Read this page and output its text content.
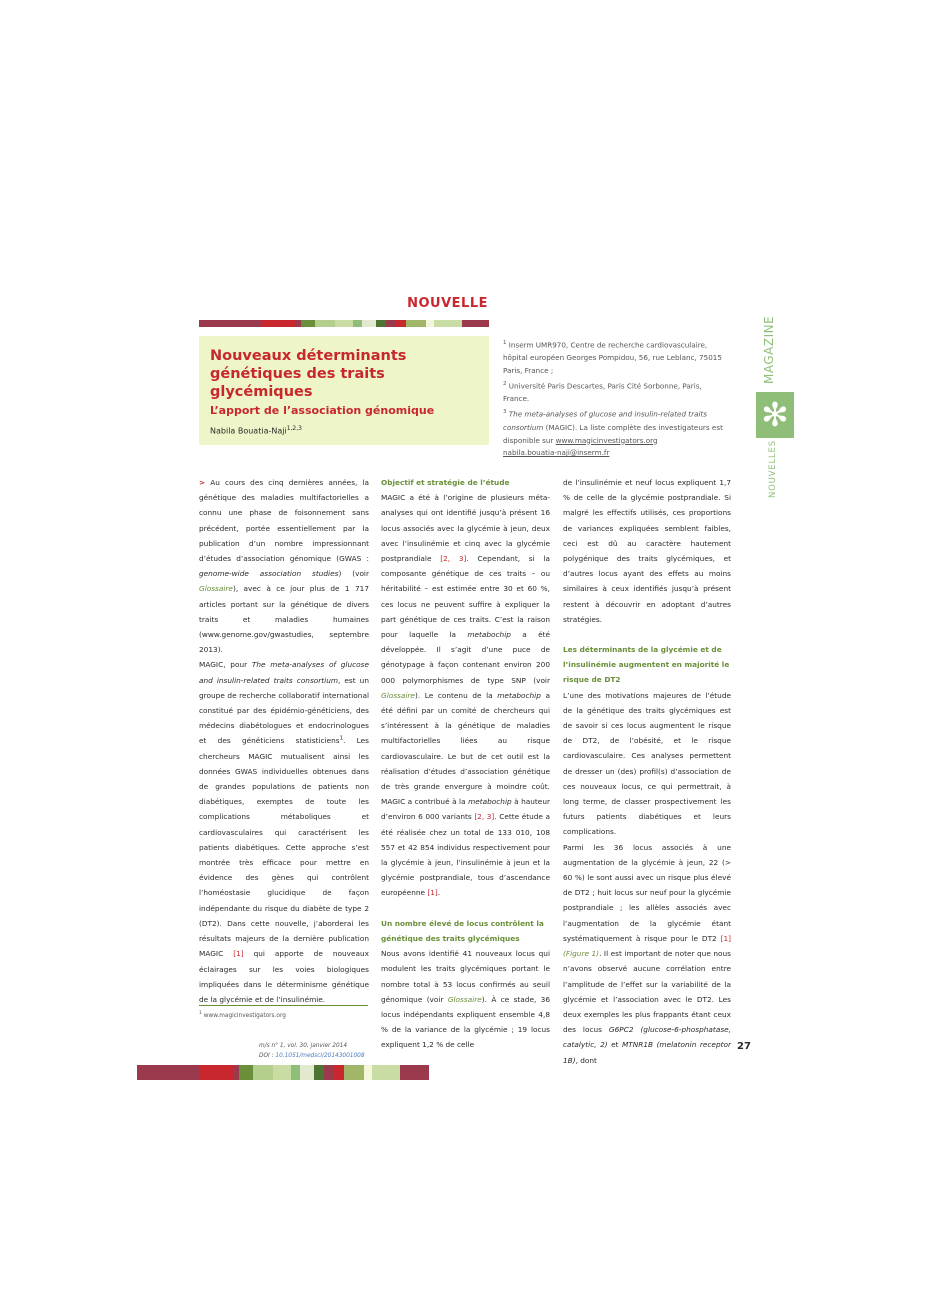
NOUVELLE
Nouveaux déterminants génétiques des traits glycémiques
L’apport de l’association génomique
Nabila Bouatia-Naji$^{1,2,3}$
$^1$ Inserm UMR970, Centre de recherche cardiovasculaire, hôpital européen Georges Pompidou, 56, rue Leblanc, 75015 Paris, France ;
$^2$ Université Paris Descartes, Paris Cité Sorbonne, Paris, France.
$^3$ The meta-analyses of glucose and insulin-related traits consortium (MAGIC). La liste complète des investigateurs est disponible sur www.magicinvestigators.org
nabila.bouatia-naji@inserm.fr
MAGAZINE
✻
NOUVELLES

> Au cours des cinq dernières années, la génétique des maladies multifactorielles a connu une phase de foisonnement sans précédent, portée essentiellement par la publication d’un nombre impressionnant d’études d’association génomique (GWAS : genome-wide association studies) (voir Glossaire), avec à ce jour plus de 1 717 articles portant sur la génétique de divers traits et maladies humaines (www.genome.gov/gwastudies, septembre 2013).

MAGIC, pour The meta-analyses of glucose and insulin-related traits consortium, est un groupe de recherche collaboratif international constitué par des épidémio-généticiens, des médecins diabétologues et endocrinologues et des généticiens statisticiens$^1$. Les chercheurs MAGIC mutualisent ainsi les données GWAS individuelles obtenues dans de grandes populations de patients non diabétiques, exemptes de toute les complications métaboliques et cardiovasculaires qui caractérisent les patients diabétiques. Cette approche s’est montrée très efficace pour mettre en évidence des gènes qui contrôlent l’homéostasie glucidique de façon indépendante du risque du diabète de type 2 (DT2). Dans cette nouvelle, j’aborderai les résultats majeurs de la dernière publication MAGIC [1] qui apporte de nouveaux éclairages sur les voies biologiques impliquées dans le déterminisme génétique de la glycémie et de l’insulinémie.

$^1$ www.magicinvestigators.org
Objectif et stratégie de l’étude

MAGIC a été à l’origine de plusieurs méta-analyses qui ont identifié jusqu’à présent 16 locus associés avec la glycémie à jeun, deux avec l’insulinémie et cinq avec la glycémie postprandiale [2, 3]. Cependant, si la composante génétique de ces traits – ou héritabilité – est estimée entre 30 et 60 %, ces locus ne peuvent suffire à expliquer la part génétique de ces traits. C’est la raison pour laquelle la metabochip a été développée. Il s’agit d’une puce de génotypage à façon contenant environ 200 000 polymorphismes de type SNP (voir Glossaire). Le contenu de la metabochip a été défini par un comité de chercheurs qui s’intéressent à la génétique de maladies multifactorielles liées au risque cardiovasculaire. Le but de cet outil est la réalisation d’études d’association génétique de très grande envergure à moindre coût. MAGIC a contribué à la metabochip à hauteur d’environ 6 000 variants [2, 3]. Cette étude a été réalisée chez un total de 133 010, 108 557 et 42 854 individus respectivement pour la glycémie à jeun, l’insulinémie à jeun et la glycémie postprandiale, tous d’ascendance européenne [1].

Un nombre élevé de locus contrôlent la génétique des traits glycémiques

Nous avons identifié 41 nouveaux locus qui modulent les traits glycémiques portant le nombre total à 53 locus confirmés au seuil génomique (voir Glossaire). À ce stade, 36 locus indépendants expliquent ensemble 4,8 % de la variance de la glycémie ; 19 locus expliquent 1,2 % de celle

de l’insulinémie et neuf locus expliquent 1,7 % de celle de la glycémie postprandiale. Si malgré les effectifs utilisés, ces proportions de variances expliquées semblent faibles, ceci est dû au caractère hautement polygénique des traits glycémiques, et d’autres locus ayant des effets au moins similaires à ceux identifiés jusqu’à présent restent à découvrir en adoptant d’autres stratégies.

Les déterminants de la glycémie et de l’insulinémie augmentent en majorité le risque de DT2

L’une des motivations majeures de l’étude de la génétique des traits glycémiques est de savoir si ces locus augmentent le risque de DT2, de l’obésité, et le risque cardiovasculaire. Ces analyses permettent de dresser un (des) profil(s) d’association de ces nouveaux locus, ce qui permettrait, à long terme, de classer prospectivement les futurs patients diabétiques et leurs complications.

Parmi les 36 locus associés à une augmentation de la glycémie à jeun, 22 (> 60 %) le sont aussi avec un risque plus élevé de DT2 ; huit locus sur neuf pour la glycémie postprandiale ; les allèles associés avec l’augmentation de la glycémie étant systématiquement à risque pour le DT2 [1] (Figure 1). Il est important de noter que nous n’avons observé aucune corrélation entre l’amplitude de l’effet sur la variabilité de la glycémie et l’association avec le DT2. Les deux exemples les plus frappants étant ceux des locus G6PC2 (glucose-6-phosphatase, catalytic, 2) et MTNR1B (melatonin receptor 1B), dont

m/s n° 1, vol. 30, janvier 2014
DOI : 10.1051/medsci/20143001008
27
